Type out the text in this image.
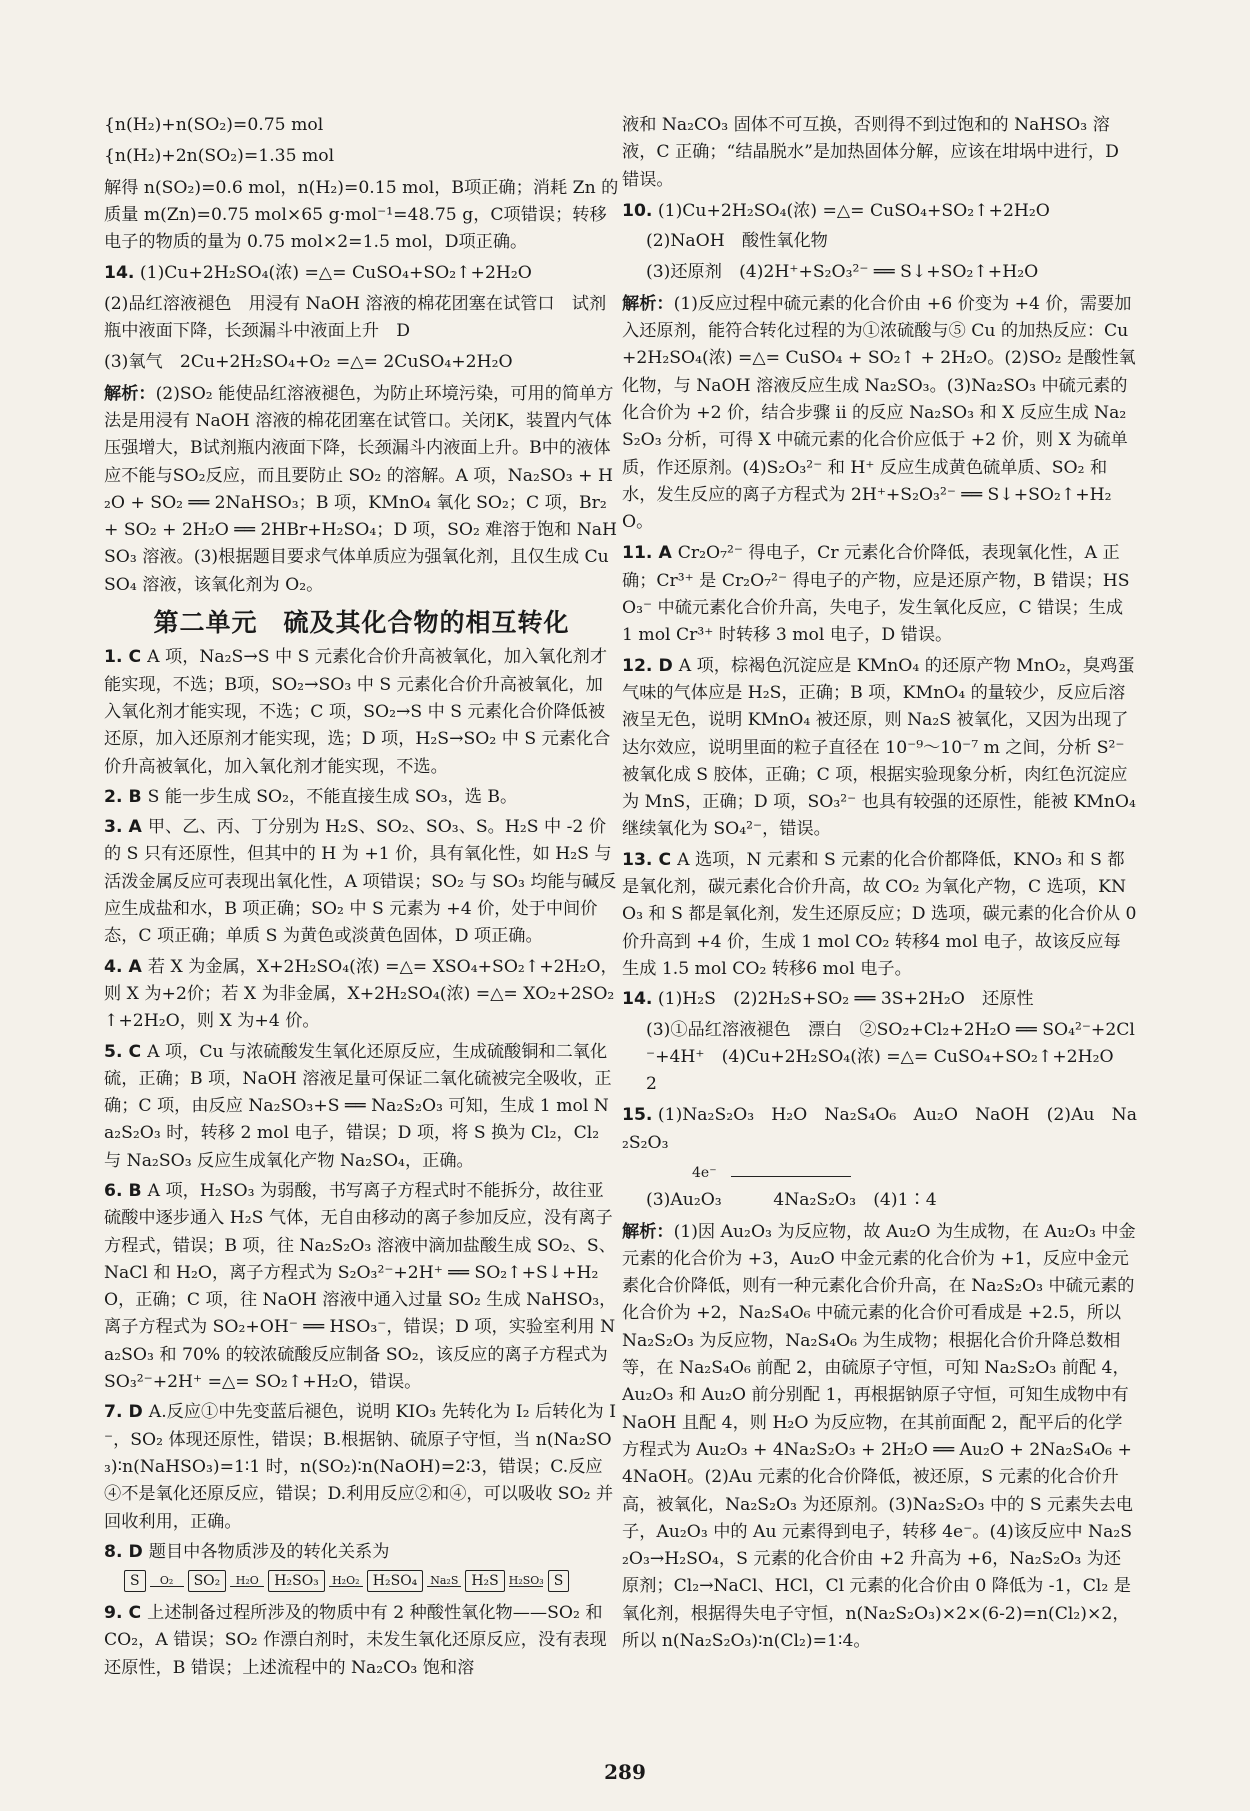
{n(H₂)+n(SO₂)=0.75 mol
{n(H₂)+2n(SO₂)=1.35 mol
解得 n(SO₂)=0.6 mol，n(H₂)=0.15 mol，B项正确；消耗 Zn 的质量 m(Zn)=0.75 mol×65 g·mol⁻¹=48.75 g，C项错误；转移电子的物质的量为 0.75 mol×2=1.5 mol，D项正确。
14. (1)Cu+2H₂SO₄(浓) =△= CuSO₄+SO₂↑+2H₂O
(2)品红溶液褪色　用浸有 NaOH 溶液的棉花团塞在试管口　试剂瓶中液面下降，长颈漏斗中液面上升　D
(3)氧气　2Cu+2H₂SO₄+O₂ =△= 2CuSO₄+2H₂O
解析：(2)SO₂ 能使品红溶液褪色，为防止环境污染，可用的简单方法是用浸有 NaOH 溶液的棉花团塞在试管口。关闭K，装置内气体压强增大，B试剂瓶内液面下降，长颈漏斗内液面上升。B中的液体应不能与SO₂反应，而且要防止 SO₂ 的溶解。A 项，Na₂SO₃ + H₂O + SO₂ ══ 2NaHSO₃；B 项，KMnO₄ 氧化 SO₂；C 项，Br₂ + SO₂ + 2H₂O ══ 2HBr+H₂SO₄；D 项，SO₂ 难溶于饱和 NaHSO₃ 溶液。(3)根据题目要求气体单质应为强氧化剂，且仅生成 CuSO₄ 溶液，该氧化剂为 O₂。
第二单元　硫及其化合物的相互转化
1. C A 项，Na₂S→S 中 S 元素化合价升高被氧化，加入氧化剂才能实现，不选；B项，SO₂→SO₃ 中 S 元素化合价升高被氧化，加入氧化剂才能实现，不选；C 项，SO₂→S 中 S 元素化合价降低被还原，加入还原剂才能实现，选；D 项，H₂S→SO₂ 中 S 元素化合价升高被氧化，加入氧化剂才能实现，不选。
2. B S 能一步生成 SO₂，不能直接生成 SO₃，选 B。
3. A 甲、乙、丙、丁分别为 H₂S、SO₂、SO₃、S。H₂S 中 -2 价的 S 只有还原性，但其中的 H 为 +1 价，具有氧化性，如 H₂S 与活泼金属反应可表现出氧化性，A 项错误；SO₂ 与 SO₃ 均能与碱反应生成盐和水，B 项正确；SO₂ 中 S 元素为 +4 价，处于中间价态，C 项正确；单质 S 为黄色或淡黄色固体，D 项正确。
4. A 若 X 为金属，X+2H₂SO₄(浓) =△= XSO₄+SO₂↑+2H₂O，则 X 为+2价；若 X 为非金属，X+2H₂SO₄(浓) =△= XO₂+2SO₂↑+2H₂O，则 X 为+4 价。
5. C A 项，Cu 与浓硫酸发生氧化还原反应，生成硫酸铜和二氧化硫，正确；B 项，NaOH 溶液足量可保证二氧化硫被完全吸收，正确；C 项，由反应 Na₂SO₃+S ══ Na₂S₂O₃ 可知，生成 1 mol Na₂S₂O₃ 时，转移 2 mol 电子，错误；D 项，将 S 换为 Cl₂，Cl₂ 与 Na₂SO₃ 反应生成氧化产物 Na₂SO₄，正确。
6. B A 项，H₂SO₃ 为弱酸，书写离子方程式时不能拆分，故往亚硫酸中逐步通入 H₂S 气体，无自由移动的离子参加反应，没有离子方程式，错误；B 项，往 Na₂S₂O₃ 溶液中滴加盐酸生成 SO₂、S、NaCl 和 H₂O，离子方程式为 S₂O₃²⁻+2H⁺ ══ SO₂↑+S↓+H₂O，正确；C 项，往 NaOH 溶液中通入过量 SO₂ 生成 NaHSO₃，离子方程式为 SO₂+OH⁻ ══ HSO₃⁻，错误；D 项，实验室利用 Na₂SO₃ 和 70% 的较浓硫酸反应制备 SO₂，该反应的离子方程式为 SO₃²⁻+2H⁺ =△= SO₂↑+H₂O，错误。
7. D A.反应①中先变蓝后褪色，说明 KIO₃ 先转化为 I₂ 后转化为 I⁻，SO₂ 体现还原性，错误；B.根据钠、硫原子守恒，当 n(Na₂SO₃)∶n(NaHSO₃)=1∶1 时，n(SO₂)∶n(NaOH)=2∶3，错误；C.反应④不是氧化还原反应，错误；D.利用反应②和④，可以吸收 SO₂ 并回收利用，正确。
8. D 题目中各物质涉及的转化关系为
S	O₂	SO₂	H₂O	H₂SO₃	H₂O₂ H₂SO₄	Na₂S H₂S H₂SO₃ S
9. C 上述制备过程所涉及的物质中有 2 种酸性氧化物——SO₂ 和 CO₂，A 错误；SO₂ 作漂白剂时，未发生氧化还原反应，没有表现还原性，B 错误；上述流程中的 Na₂CO₃ 饱和溶
液和 Na₂CO₃ 固体不可互换，否则得不到过饱和的 NaHSO₃ 溶液，C 正确；“结晶脱水”是加热固体分解，应该在坩埚中进行，D 错误。
10. (1)Cu+2H₂SO₄(浓) =△= CuSO₄+SO₂↑+2H₂O
(2)NaOH　酸性氧化物
(3)还原剂　(4)2H⁺+S₂O₃²⁻ ══ S↓+SO₂↑+H₂O
解析：(1)反应过程中硫元素的化合价由 +6 价变为 +4 价，需要加入还原剂，能符合转化过程的为①浓硫酸与⑤ Cu 的加热反应：Cu+2H₂SO₄(浓) =△= CuSO₄ + SO₂↑ + 2H₂O。(2)SO₂ 是酸性氧化物，与 NaOH 溶液反应生成 Na₂SO₃。(3)Na₂SO₃ 中硫元素的化合价为 +2 价，结合步骤 ii 的反应 Na₂SO₃ 和 X 反应生成 Na₂S₂O₃ 分析，可得 X 中硫元素的化合价应低于 +2 价，则 X 为硫单质，作还原剂。(4)S₂O₃²⁻ 和 H⁺ 反应生成黄色硫单质、SO₂ 和水，发生反应的离子方程式为 2H⁺+S₂O₃²⁻ ══ S↓+SO₂↑+H₂O。
11. A Cr₂O₇²⁻ 得电子，Cr 元素化合价降低，表现氧化性，A 正确；Cr³⁺ 是 Cr₂O₇²⁻ 得电子的产物，应是还原产物，B 错误；HSO₃⁻ 中硫元素化合价升高，失电子，发生氧化反应，C 错误；生成 1 mol Cr³⁺ 时转移 3 mol 电子，D 错误。
12. D A 项，棕褐色沉淀应是 KMnO₄ 的还原产物 MnO₂，臭鸡蛋气味的气体应是 H₂S，正确；B 项，KMnO₄ 的量较少，反应后溶液呈无色，说明 KMnO₄ 被还原，则 Na₂S 被氧化，又因为出现了达尔效应，说明里面的粒子直径在 10⁻⁹～10⁻⁷ m 之间，分析 S²⁻ 被氧化成 S 胶体，正确；C 项，根据实验现象分析，肉红色沉淀应为 MnS，正确；D 项，SO₃²⁻ 也具有较强的还原性，能被 KMnO₄ 继续氧化为 SO₄²⁻，错误。
13. C A 选项，N 元素和 S 元素的化合价都降低，KNO₃ 和 S 都是氧化剂，碳元素化合价升高，故 CO₂ 为氧化产物，C 选项，KNO₃ 和 S 都是氧化剂，发生还原反应；D 选项，碳元素的化合价从 0 价升高到 +4 价，生成 1 mol CO₂ 转移4 mol 电子，故该反应每生成 1.5 mol CO₂ 转移6 mol 电子。
14. (1)H₂S　(2)2H₂S+SO₂ ══ 3S+2H₂O　还原性
(3)①品红溶液褪色　漂白　②SO₂+Cl₂+2H₂O ══ SO₄²⁻+2Cl⁻+4H⁺　(4)Cu+2H₂SO₄(浓) =△= CuSO₄+SO₂↑+2H₂O　2
15. (1)Na₂S₂O₃　H₂O　Na₂S₄O₆　Au₂O　NaOH　(2)Au　Na₂S₂O₃
4e⁻
(3)Au₂O₃　　　	4Na₂S₂O₃　(4)1∶4
解析：(1)因 Au₂O₃ 为反应物，故 Au₂O 为生成物，在 Au₂O₃ 中金元素的化合价为 +3，Au₂O 中金元素的化合价为 +1，反应中金元素化合价降低，则有一种元素化合价升高，在 Na₂S₂O₃ 中硫元素的化合价为 +2，Na₂S₄O₆ 中硫元素的化合价可看成是 +2.5，所以 Na₂S₂O₃ 为反应物，Na₂S₄O₆ 为生成物；根据化合价升降总数相等，在 Na₂S₄O₆ 前配 2，由硫原子守恒，可知 Na₂S₂O₃ 前配 4，Au₂O₃ 和 Au₂O 前分别配 1，再根据钠原子守恒，可知生成物中有 NaOH 且配 4，则 H₂O 为反应物，在其前面配 2，配平后的化学方程式为 Au₂O₃ + 4Na₂S₂O₃ + 2H₂O ══ Au₂O + 2Na₂S₄O₆ + 4NaOH。(2)Au 元素的化合价降低，被还原，S 元素的化合价升高，被氧化，Na₂S₂O₃ 为还原剂。(3)Na₂S₂O₃ 中的 S 元素失去电子，Au₂O₃ 中的 Au 元素得到电子，转移 4e⁻。(4)该反应中 Na₂S₂O₃→H₂SO₄，S 元素的化合价由 +2 升高为 +6，Na₂S₂O₃ 为还原剂；Cl₂→NaCl、HCl，Cl 元素的化合价由 0 降低为 -1，Cl₂ 是氧化剂，根据得失电子守恒，n(Na₂S₂O₃)×2×(6-2)=n(Cl₂)×2，所以 n(Na₂S₂O₃)∶n(Cl₂)=1∶4。
289
